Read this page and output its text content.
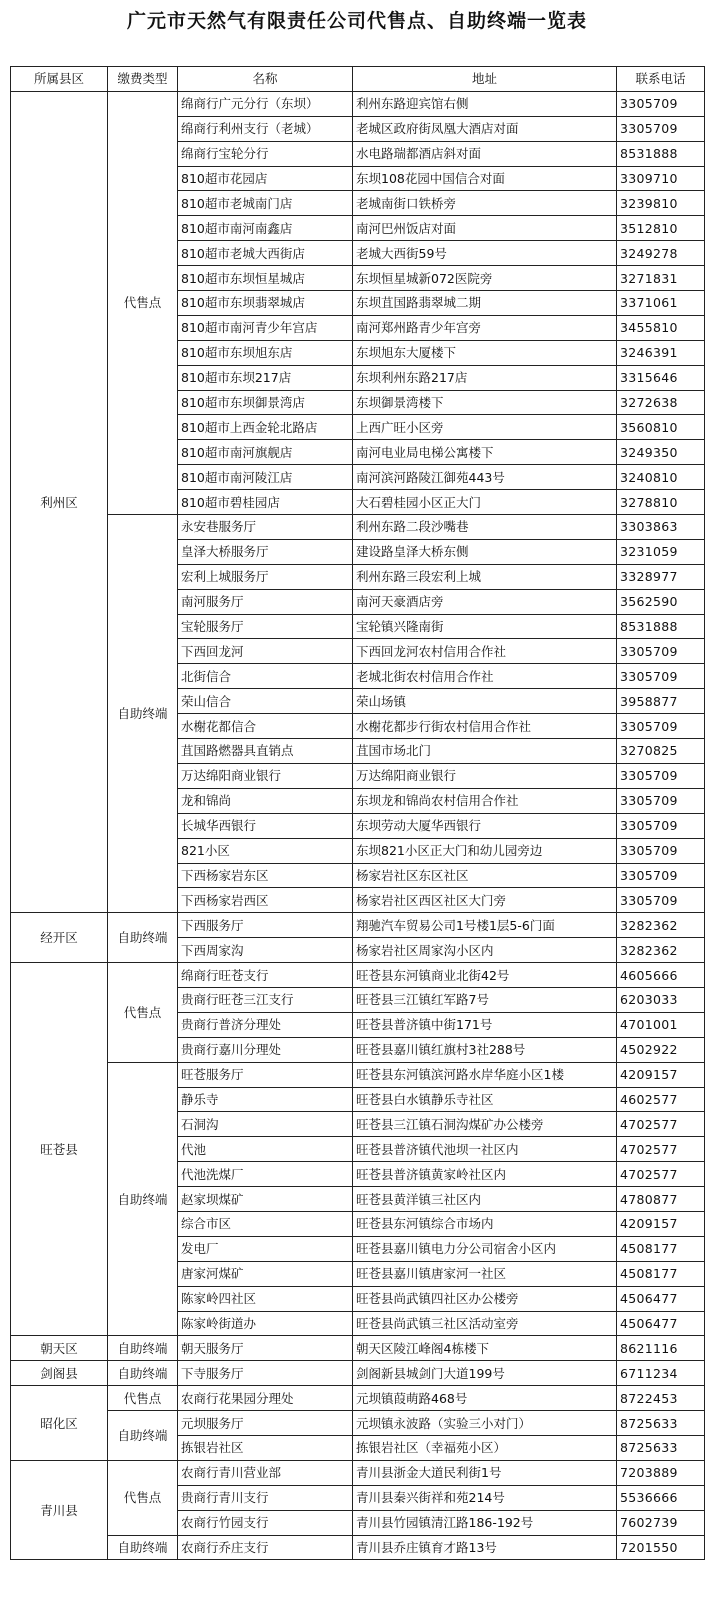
广元市天然气有限责任公司代售点、自助终端一览表
所属县区	缴费类型	名称	地址	联系电话
利州区	代售点	绵商行广元分行（东坝）	利州东路迎宾馆右侧	3305709
		绵商行利州支行（老城）	老城区政府街凤凰大酒店对面	3305709
		绵商行宝轮分行	水电路瑞都酒店斜对面	8531888
		810超市花园店	东坝108花园中国信合对面	3309710
		810超市老城南门店	老城南街口铁桥旁	3239810
		810超市南河南鑫店	南河巴州饭店对面	3512810
		810超市老城大西街店	老城大西街59号	3249278
		810超市东坝恒星城店	东坝恒星城新072医院旁	3271831
		810超市东坝翡翠城店	东坝苴国路翡翠城二期	3371061
		810超市南河青少年宫店	南河郑州路青少年宫旁	3455810
		810超市东坝旭东店	东坝旭东大厦楼下	3246391
		810超市东坝217店	东坝利州东路217店	3315646
		810超市东坝御景湾店	东坝御景湾楼下	3272638
		810超市上西金轮北路店	上西广旺小区旁	3560810
		810超市南河旗舰店	南河电业局电梯公寓楼下	3249350
		810超市南河陵江店	南河滨河路陵江御苑443号	3240810
		810超市碧桂园店	大石碧桂园小区正大门	3278810
	自助终端	永安巷服务厅	利州东路二段沙嘴巷	3303863
		皇泽大桥服务厅	建设路皇泽大桥东侧	3231059
		宏利上城服务厅	利州东路三段宏利上城	3328977
		南河服务厅	南河天豪酒店旁	3562590
		宝轮服务厅	宝轮镇兴隆南街	8531888
		下西回龙河	下西回龙河农村信用合作社	3305709
		北街信合	老城北街农村信用合作社	3305709
		荣山信合	荣山场镇	3958877
		水榭花都信合	水榭花都步行街农村信用合作社	3305709
		苴国路燃器具直销点	苴国市场北门	3270825
		万达绵阳商业银行	万达绵阳商业银行	3305709
		龙和锦尚	东坝龙和锦尚农村信用合作社	3305709
		长城华西银行	东坝劳动大厦华西银行	3305709
		821小区	东坝821小区正大门和幼儿园旁边	3305709
		下西杨家岩东区	杨家岩社区东区社区	3305709
		下西杨家岩西区	杨家岩社区西区社区大门旁	3305709
经开区	自助终端	下西服务厅	翔驰汽车贸易公司1号楼1层5-6门面	3282362
		下西周家沟	杨家岩社区周家沟小区内	3282362
旺苍县	代售点	绵商行旺苍支行	旺苍县东河镇商业北街42号	4605666
		贵商行旺苍三江支行	旺苍县三江镇红军路7号	6203033
		贵商行普济分理处	旺苍县普济镇中街171号	4701001
		贵商行嘉川分理处	旺苍县嘉川镇红旗村3社288号	4502922
	自助终端	旺苍服务厅	旺苍县东河镇滨河路水岸华庭小区1楼	4209157
		静乐寺	旺苍县白水镇静乐寺社区	4602577
		石洞沟	旺苍县三江镇石洞沟煤矿办公楼旁	4702577
		代池	旺苍县普济镇代池坝一社区内	4702577
		代池洗煤厂	旺苍县普济镇黄家岭社区内	4702577
		赵家坝煤矿	旺苍县黄洋镇三社区内	4780877
		综合市区	旺苍县东河镇综合市场内	4209157
		发电厂	旺苍县嘉川镇电力分公司宿舍小区内	4508177
		唐家河煤矿	旺苍县嘉川镇唐家河一社区	4508177
		陈家岭四社区	旺苍县尚武镇四社区办公楼旁	4506477
		陈家岭街道办	旺苍县尚武镇三社区活动室旁	4506477
朝天区	自助终端	朝天服务厅	朝天区陵江峰阁4栋楼下	8621116
剑阁县	自助终端	下寺服务厅	剑阁新县城剑门大道199号	6711234
昭化区	代售点	农商行花果园分理处	元坝镇葭萌路468号	8722453
	自助终端	元坝服务厅	元坝镇永波路（实验三小对门）	8725633
		拣银岩社区	拣银岩社区（幸福苑小区）	8725633
青川县	代售点	农商行青川营业部	青川县浙金大道民利街1号	7203889
		贵商行青川支行	青川县秦兴街祥和苑214号	5536666
		农商行竹园支行	青川县竹园镇清江路186-192号	7602739
	自助终端	农商行乔庄支行	青川县乔庄镇育才路13号	7201550
